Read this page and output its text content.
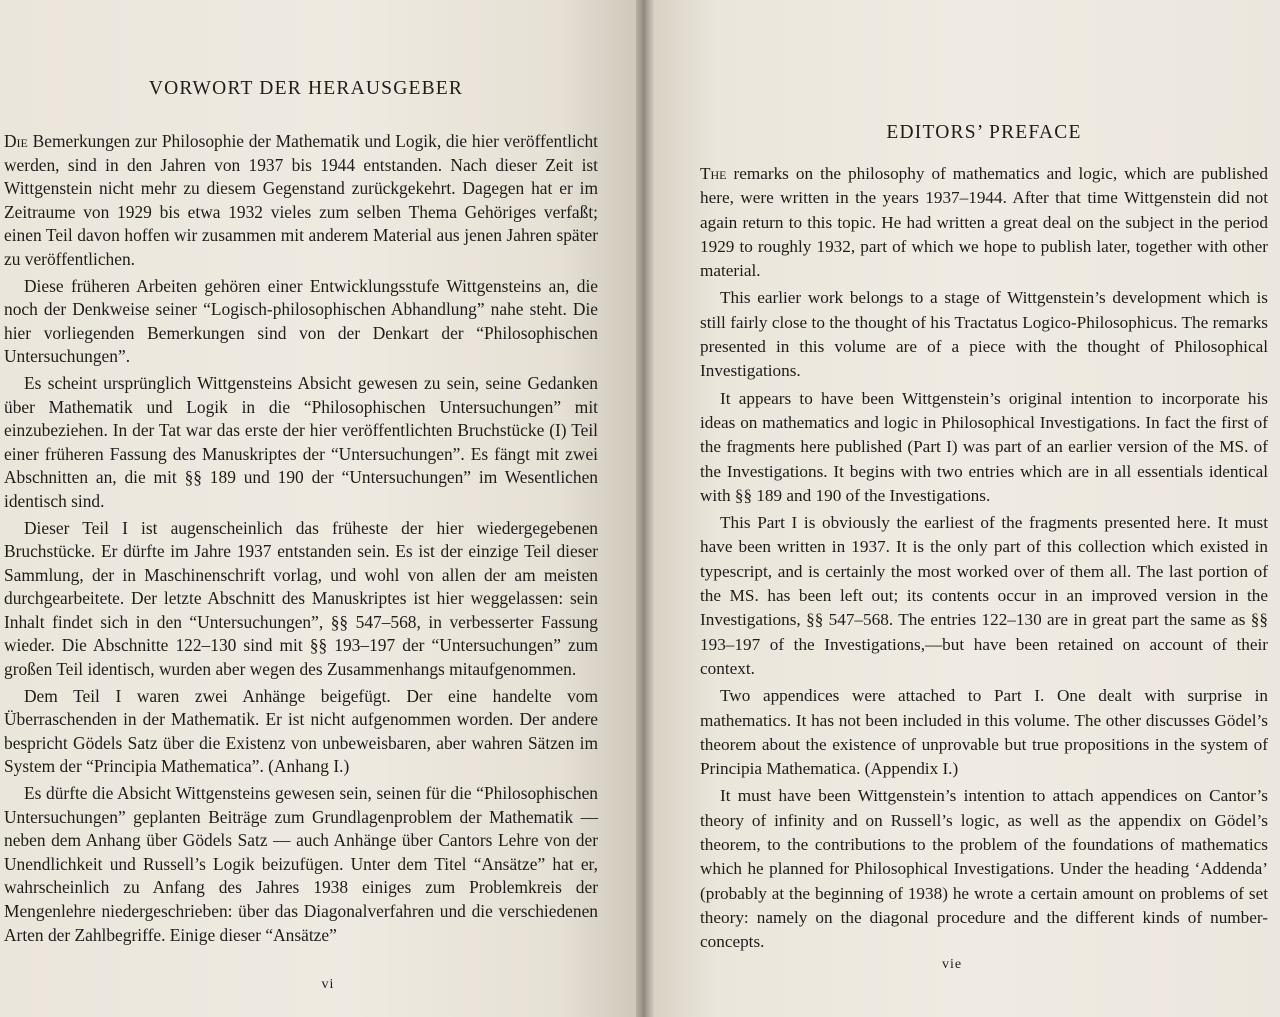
VORWORT DER HERAUSGEBER

Die Bemerkungen zur Philosophie der Mathematik und Logik, die hier veröffentlicht werden, sind in den Jahren von 1937 bis 1944 entstanden. Nach dieser Zeit ist Wittgenstein nicht mehr zu diesem Gegenstand zurückgekehrt. Dagegen hat er im Zeitraume von 1929 bis etwa 1932 vieles zum selben Thema Gehöriges verfaßt; einen Teil davon hoffen wir zusammen mit anderem Material aus jenen Jahren später zu veröffentlichen.

Diese früheren Arbeiten gehören einer Entwicklungsstufe Wittgensteins an, die noch der Denkweise seiner “Logisch-philosophischen Abhandlung” nahe steht. Die hier vorliegenden Bemerkungen sind von der Denkart der “Philosophischen Untersuchungen”.

Es scheint ursprünglich Wittgensteins Absicht gewesen zu sein, seine Gedanken über Mathematik und Logik in die “Philosophischen Untersuchungen” mit einzubeziehen. In der Tat war das erste der hier veröffentlichten Bruchstücke (I) Teil einer früheren Fassung des Manuskriptes der “Untersuchungen”. Es fängt mit zwei Abschnitten an, die mit §§ 189 und 190 der “Untersuchungen” im Wesentlichen identisch sind.

Dieser Teil I ist augenscheinlich das früheste der hier wiedergegebenen Bruchstücke. Er dürfte im Jahre 1937 entstanden sein. Es ist der einzige Teil dieser Sammlung, der in Maschinenschrift vorlag, und wohl von allen der am meisten durchgearbeitete. Der letzte Abschnitt des Manuskriptes ist hier weggelassen: sein Inhalt findet sich in den “Untersuchungen”, §§ 547–568, in verbesserter Fassung wieder. Die Abschnitte 122–130 sind mit §§ 193–197 der “Untersuchungen” zum großen Teil identisch, wurden aber wegen des Zusammenhangs mitaufgenommen.

Dem Teil I waren zwei Anhänge beigefügt. Der eine handelte vom Überraschenden in der Mathematik. Er ist nicht aufgenommen worden. Der andere bespricht Gödels Satz über die Existenz von unbeweisbaren, aber wahren Sätzen im System der “Principia Mathematica”. (Anhang I.)

Es dürfte die Absicht Wittgensteins gewesen sein, seinen für die “Philosophischen Untersuchungen” geplanten Beiträge zum Grundlagenproblem der Mathematik — neben dem Anhang über Gödels Satz — auch Anhänge über Cantors Lehre von der Unendlichkeit und Russell’s Logik beizufügen. Unter dem Titel “Ansätze” hat er, wahrscheinlich zu Anfang des Jahres 1938 einiges zum Problemkreis der Mengenlehre niedergeschrieben: über das Diagonalverfahren und die verschiedenen Arten der Zahlbegriffe. Einige dieser “Ansätze”

vi
EDITORS’ PREFACE

The remarks on the philosophy of mathematics and logic, which are published here, were written in the years 1937–1944. After that time Wittgenstein did not again return to this topic. He had written a great deal on the subject in the period 1929 to roughly 1932, part of which we hope to publish later, together with other material.

This earlier work belongs to a stage of Wittgenstein’s development which is still fairly close to the thought of his Tractatus Logico-Philosophicus. The remarks presented in this volume are of a piece with the thought of Philosophical Investigations.

It appears to have been Wittgenstein’s original intention to incorporate his ideas on mathematics and logic in Philosophical Investigations. In fact the first of the fragments here published (Part I) was part of an earlier version of the MS. of the Investigations. It begins with two entries which are in all essentials identical with §§ 189 and 190 of the Investigations.

This Part I is obviously the earliest of the fragments presented here. It must have been written in 1937. It is the only part of this collection which existed in typescript, and is certainly the most worked over of them all. The last portion of the MS. has been left out; its contents occur in an improved version in the Investigations, §§ 547–568. The entries 122–130 are in great part the same as §§ 193–197 of the Investigations,—but have been retained on account of their context.

Two appendices were attached to Part I. One dealt with surprise in mathematics. It has not been included in this volume. The other discusses Gödel’s theorem about the existence of unprovable but true propositions in the system of Principia Mathematica. (Appendix I.)

It must have been Wittgenstein’s intention to attach appendices on Cantor’s theory of infinity and on Russell’s logic, as well as the appendix on Gödel’s theorem, to the contributions to the problem of the foundations of mathematics which he planned for Philosophical Investigations. Under the heading ‘Addenda’ (probably at the beginning of 1938) he wrote a certain amount on problems of set theory: namely on the diagonal procedure and the different kinds of number-concepts.

vie
